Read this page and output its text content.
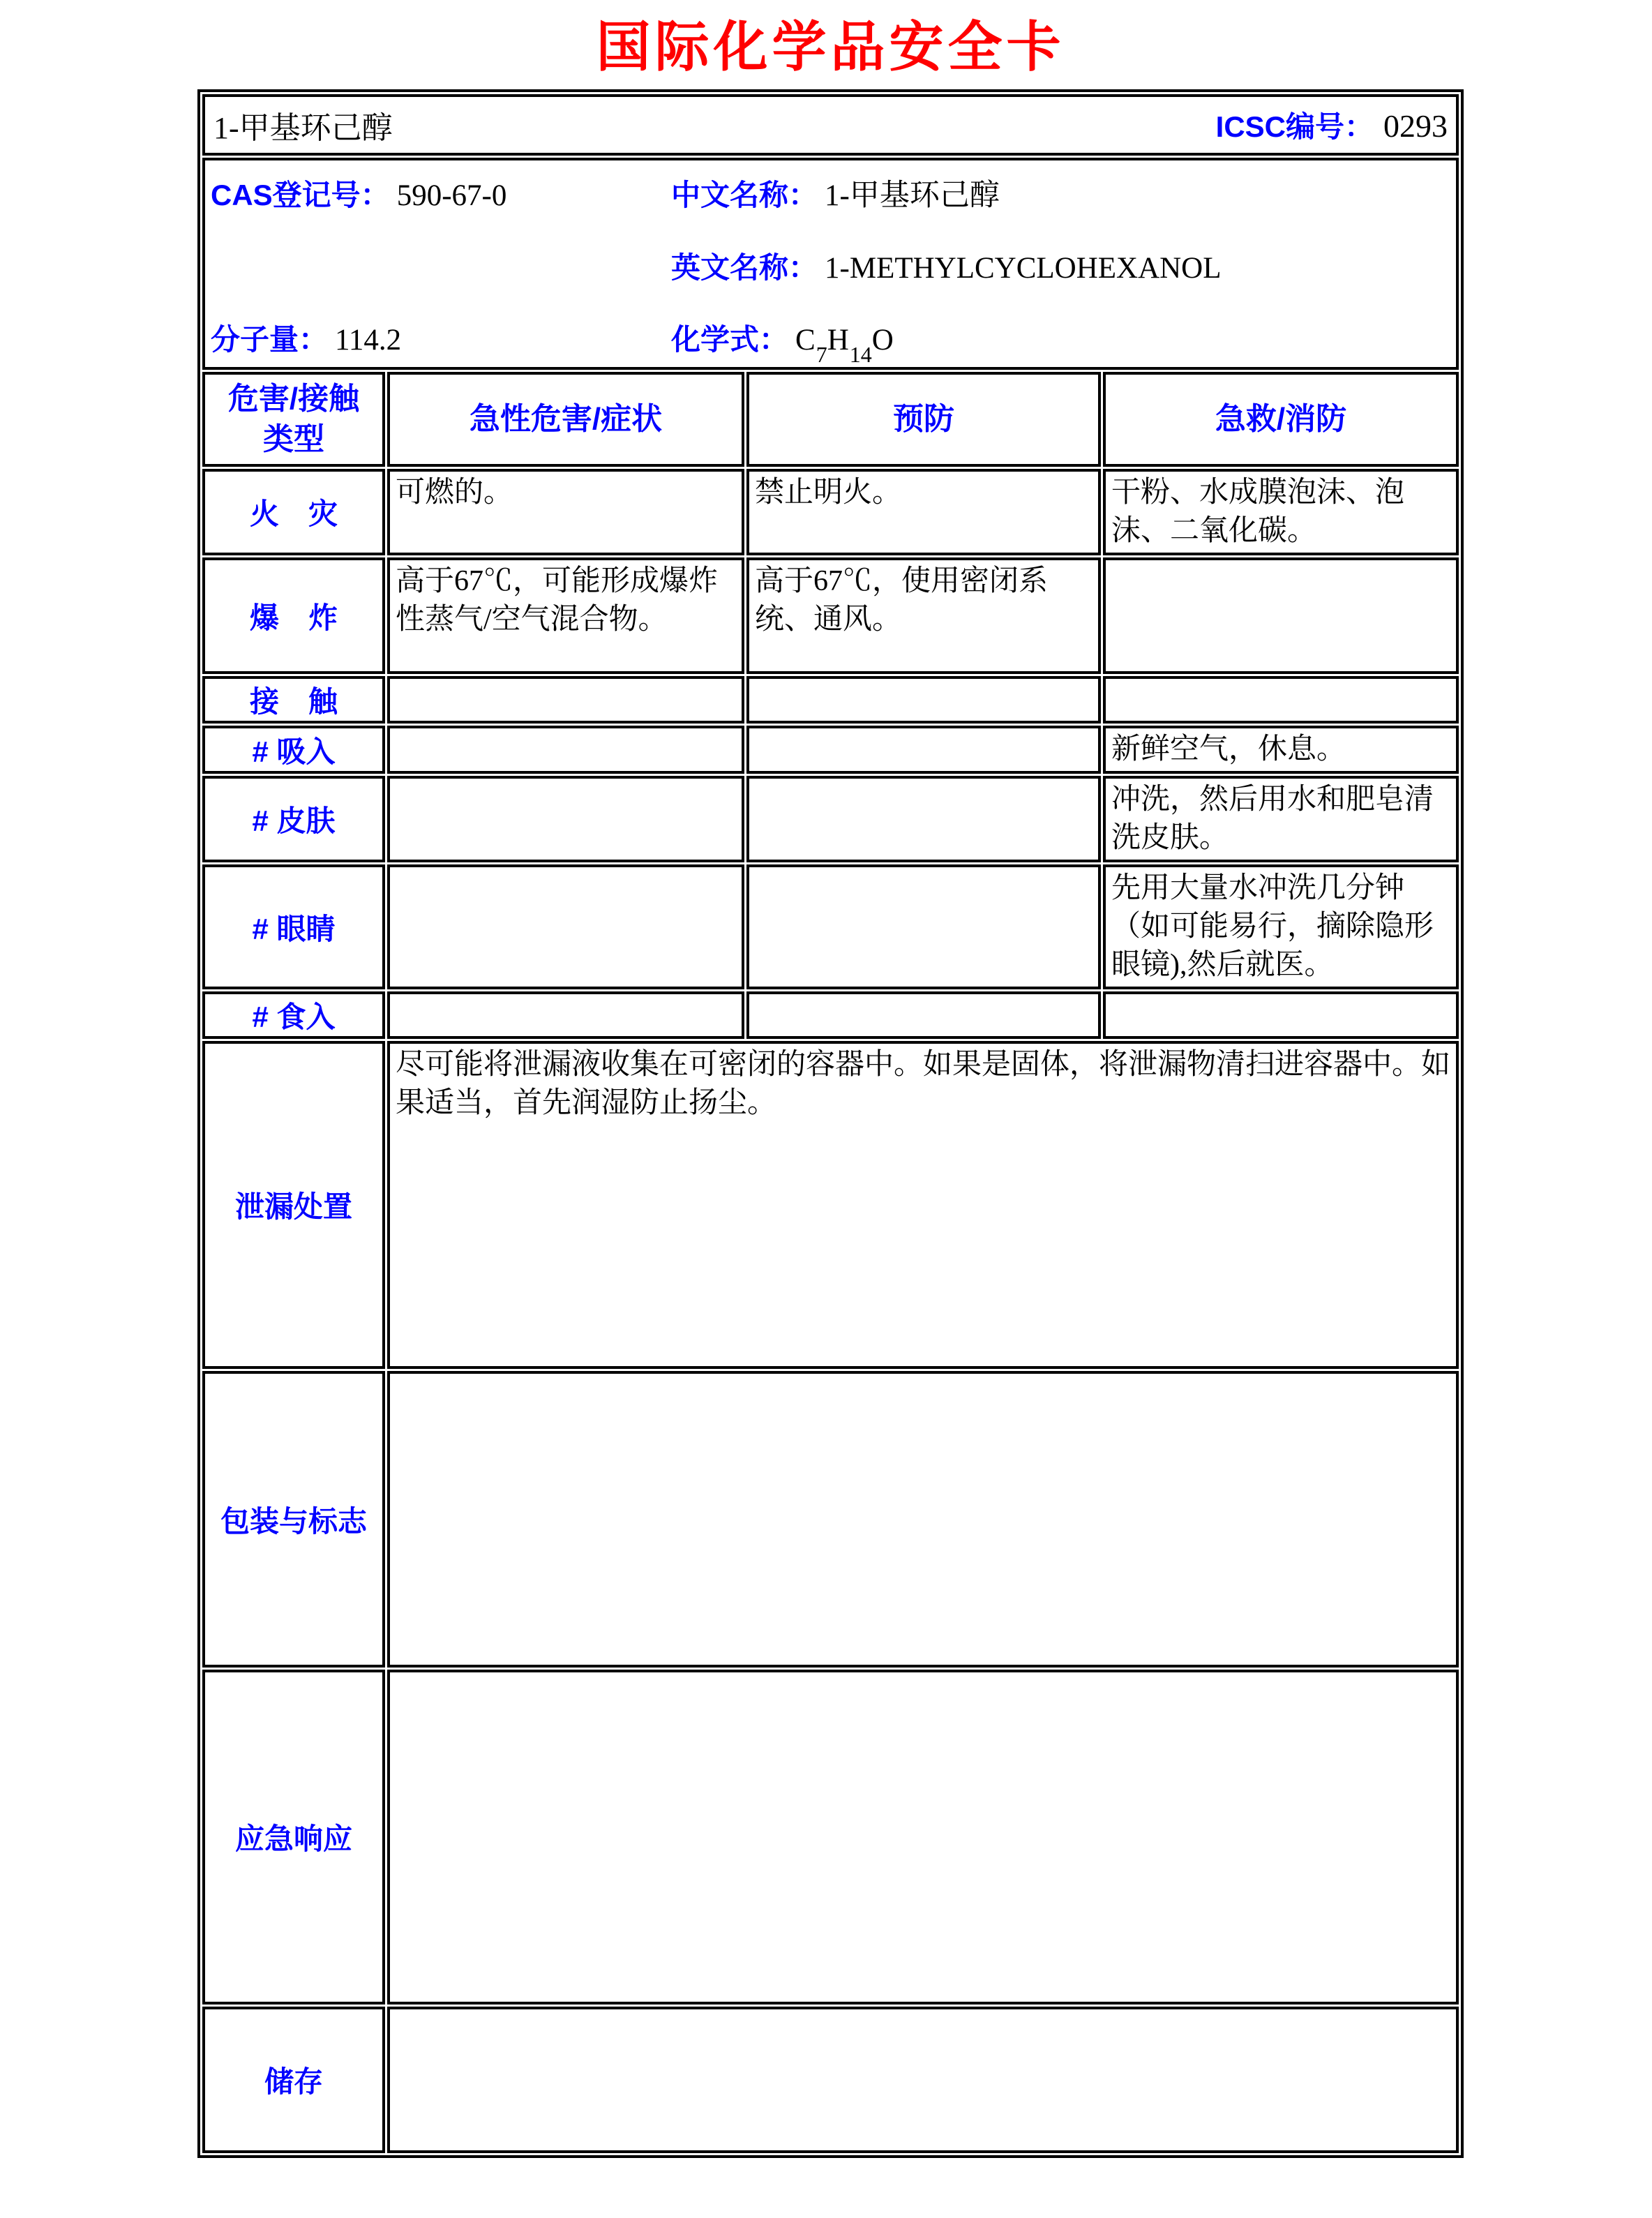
国际化学品安全卡
1-甲基环己醇 ICSC编号： 0293			

CAS登记号： 590-67-0 中文名称： 1-甲基环己醇
英文名称： 1-METHYLCYCLOHEXANOL
分子量： 114.2 化学式： $C_7H_{14}O$			

危害/接触
类型	急性危害/症状	预防	急救/消防
火　灾	可燃的。	禁止明火。	干粉、水成膜泡沫、泡沫、二氧化碳。
爆　炸	高于67℃，可能形成爆炸性蒸气/空气混合物。	高于67℃，使用密闭系统、通风。	
接　触			
# 吸入			新鲜空气，休息。
# 皮肤			冲洗，然后用水和肥皂清洗皮肤。
# 眼睛			先用大量水冲洗几分钟（如可能易行，摘除隐形眼镜),然后就医。
# 食入			
泄漏处置	尽可能将泄漏液收集在可密闭的容器中。如果是固体，将泄漏物清扫进容器中。如果适当，首先润湿防止扬尘。		
包装与标志			
应急响应			
储存			
